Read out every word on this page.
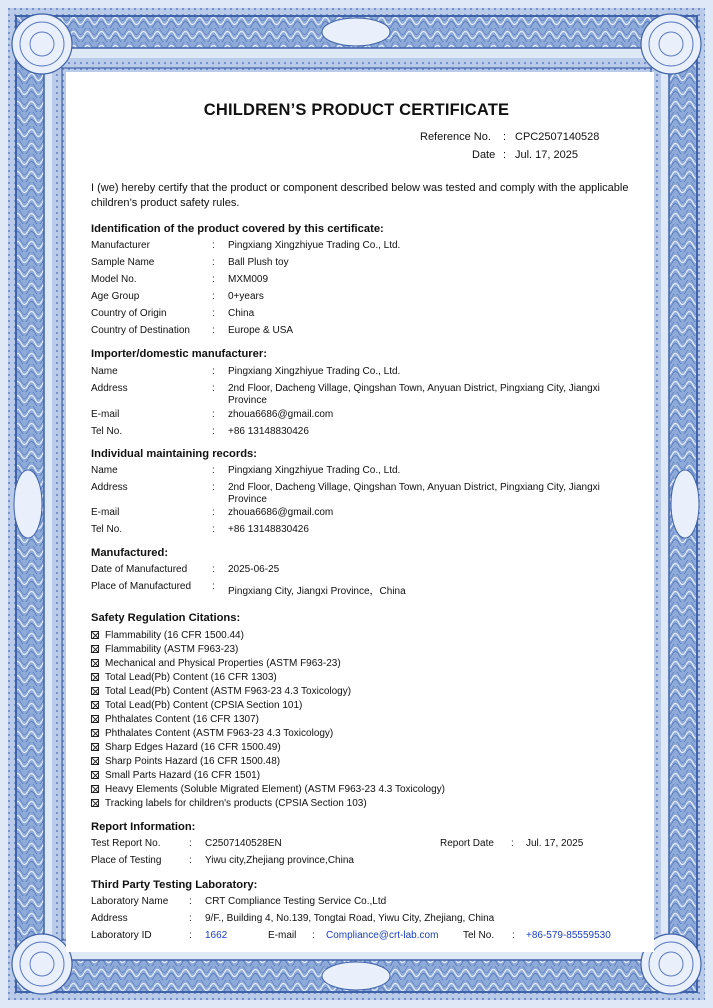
CHILDREN’S PRODUCT CERTIFICATE
Reference No. : CPC2507140528
Date : Jul. 17, 2025
I (we) hereby certify that the product or component described below was tested and comply with the applicable children’s product safety rules.
Identification of the product covered by this certificate:
Manufacturer	: Pingxiang Xingzhiyue Trading Co., Ltd.
Sample Name	: Ball Plush toy
Model No.	: MXM009
Age Group	: 0+years
Country of Origin	: China
Country of Destination : Europe & USA
Importer/domestic manufacturer:
Name	: Pingxiang Xingzhiyue Trading Co., Ltd.
Address	: 2nd Floor, Dacheng Village, Qingshan Town, Anyuan District, Pingxiang City, Jiangxi Province
E-mail	: zhoua6686@gmail.com
Tel No.	: +86 13148830426
Individual maintaining records:
Name	: Pingxiang Xingzhiyue Trading Co., Ltd.
Address	: 2nd Floor, Dacheng Village, Qingshan Town, Anyuan District, Pingxiang City, Jiangxi Province
E-mail	: zhoua6686@gmail.com
Tel No.	: +86 13148830426
Manufactured:
Date of Manufactured : 2025-06-25
Place of Manufactured : Pingxiang City, Jiangxi Province，China
Safety Regulation Citations:
Flammability (16 CFR 1500.44)
Flammability (ASTM F963-23)
Mechanical and Physical Properties (ASTM F963-23)
Total Lead(Pb) Content (16 CFR 1303)
Total Lead(Pb) Content (ASTM F963-23 4.3 Toxicology)
Total Lead(Pb) Content (CPSIA Section 101)
Phthalates Content (16 CFR 1307)
Phthalates Content (ASTM F963-23 4.3 Toxicology)
Sharp Edges Hazard (16 CFR 1500.49)
Sharp Points Hazard (16 CFR 1500.48)
Small Parts Hazard (16 CFR 1501)
Heavy Elements (Soluble Migrated Element) (ASTM F963-23 4.3 Toxicology)
Tracking labels for children's products (CPSIA Section 103)
Report Information:
Test Report No.	: C2507140528EN	Report Date : Jul. 17, 2025
Place of Testing	: Yiwu city,Zhejiang province,China
Third Party Testing Laboratory:
Laboratory Name : CRT Compliance Testing Service Co.,Ltd
Address	: 9/F., Building 4, No.139, Tongtai Road, Yiwu City, Zhejiang, China
Laboratory ID	: 1662	E-mail : Compliance@crt-lab.com Tel No. : +86-579-85559530
